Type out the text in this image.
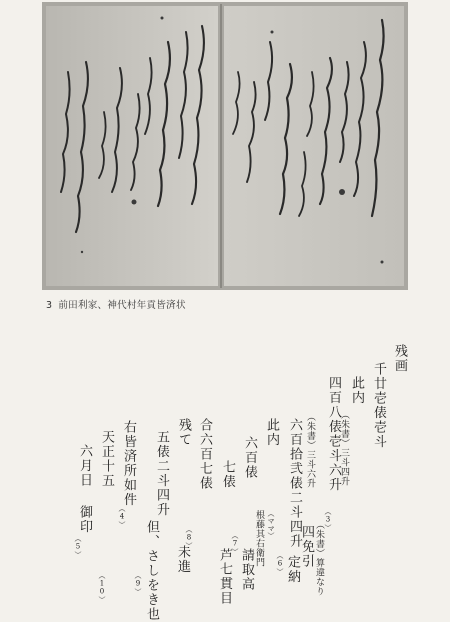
3 前田利家、神代村年貢皆済状
残画
千廿壱俵壱斗
此内
（朱書）三斗四升
四百八俵壱斗六升
（3）
（朱書）算違なり
四免引
（朱書）三斗六升
六百拾弐俵二斗四升
此内
六百俵
七俵
合六百七俵
残て
五俵二斗四升
右皆済所如件
（4）
天正十五
六月日
御印
（5）	但、さしをき也	定納
（6）
（ママ）
根藤其右衛門
請取高
（7）
芦
七貫目
（8）
未進
（9）
（10）
